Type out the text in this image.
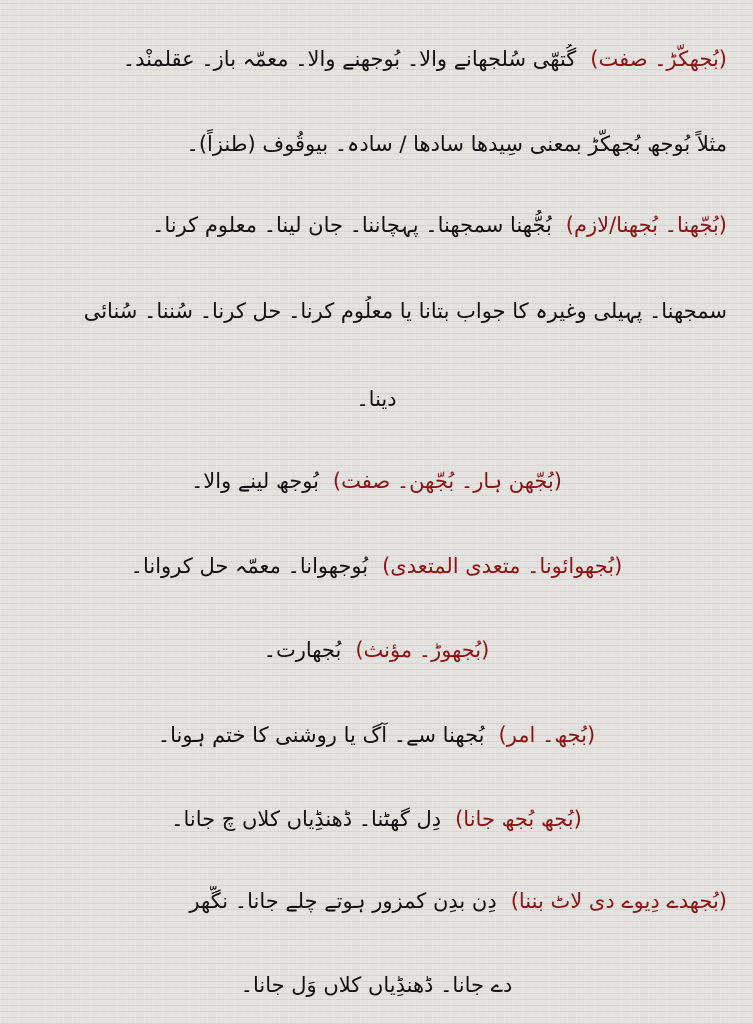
(بُجھکّڑ۔ صفت)گُتھّی سُلجھانے والا۔ بُوجھنے والا۔ معمّہ باز۔ عقلمنْد۔
مثلاً بُوجھ بُجھکّڑ بمعنی سِیدھا سادھا / سادہ۔ بیوقُوف (طنزاً)۔
(بُجّھنا۔ بُجھنا/لازم)بُجُّھنا سمجھنا۔ پہچاننا۔ جان لینا۔ معلوم کرنا۔
سمجھنا۔ پہیلی وغیرہ کا جواب بتانا یا معلُوم کرنا۔ حل کرنا۔ سُننا۔ سُنائی
دینا۔
(بُجّھن ہار۔ بُجّھن۔ صفت)بُوجھ لینے والا۔
(بُجھوائونا۔ متعدی المتعدی)بُوجھوانا۔ معمّہ حل کروانا۔
(بُجھوڑ۔ مؤنث)بُجھارت۔
(بُجھ۔ امر)بُجھنا سے۔ آگ یا روشنی کا ختم ہونا۔
(بُجھ بُجھ جانا)دِل گھٹنا۔ ڈھنڈِیاں کلاں چ جانا۔
(بُجھدے دِیوے دی لاٹ بننا)دِن بدِن کمزور ہوتے چلے جانا۔ نگّھر
دے جانا۔ ڈھنڈِیاں کلاں وَل جانا۔
